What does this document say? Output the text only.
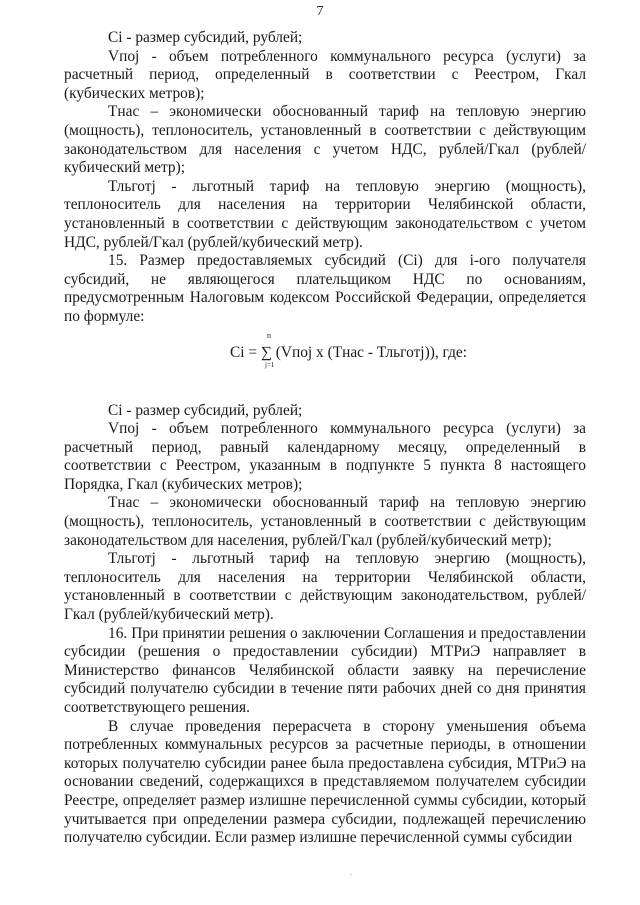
7

Ci - размер субсидий, рублей;

Vпоj - объем потребленного коммунального ресурса (услуги) за расчетный период, определенный в соответствии с Реестром, Гкал (кубических метров);

Тнас – экономически обоснованный тариф на тепловую энергию (мощность), теплоноситель, установленный в соответствии с действующим законодательством для населения с учетом НДС, рублей/Гкал (рублей/кубический метр);

Тльготj - льготный тариф на тепловую энергию (мощность), теплоноситель для населения на территории Челябинской области, установленный в соответствии с действующим законодательством с учетом НДС, рублей/Гкал (рублей/кубический метр).

15. Размер предоставляемых субсидий (Ci) для i-ого получателя субсидий, не являющегося плательщиком НДС по основаниям, предусмотренным Налоговым кодексом Российской Федерации, определяется по формуле:

n
Ci = ∑ (Vпоj x (Тнас - Тльготj)), где:
j=1

Ci - размер субсидий, рублей;

Vпоj - объем потребленного коммунального ресурса (услуги) за расчетный период, равный календарному месяцу, определенный в соответствии с Реестром, указанным в подпункте 5 пункта 8 настоящего Порядка, Гкал (кубических метров);

Тнас – экономически обоснованный тариф на тепловую энергию (мощность), теплоноситель, установленный в соответствии с действующим законодательством для населения, рублей/Гкал (рублей/кубический метр);

Тльготj - льготный тариф на тепловую энергию (мощность), теплоноситель для населения на территории Челябинской области, установленный в соответствии с действующим законодательством, рублей/Гкал (рублей/кубический метр).

16. При принятии решения о заключении Соглашения и предоставлении субсидии (решения о предоставлении субсидии) МТРиЭ направляет в Министерство финансов Челябинской области заявку на перечисление субсидий получателю субсидии в течение пяти рабочих дней со дня принятия соответствующего решения.

В случае проведения перерасчета в сторону уменьшения объема потребленных коммунальных ресурсов за расчетные периоды, в отношении которых получателю субсидии ранее была предоставлена субсидия, МТРиЭ на основании сведений, содержащихся в представляемом получателем субсидии Реестре, определяет размер излишне перечисленной суммы субсидии, который учитывается при определении размера субсидии, подлежащей перечислению получателю субсидии. Если размер излишне перечисленной суммы субсидии

.
